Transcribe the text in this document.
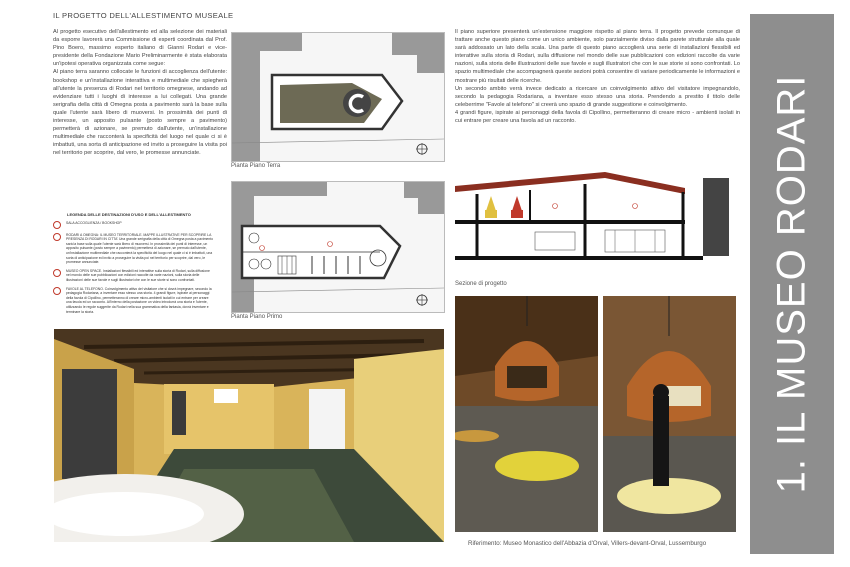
IL PROGETTO DELL'ALLESTIMENTO MUSEALE

Al progetto esecutivo dell'allestimento ed alla selezione dei materiali da esporre lavorerà una Commissione di esperti coordinata dal Prof. Pino Boero, massimo esperto italiano di Gianni Rodari e vice-presidente della Fondazione Mario Preliminarmente è stata elaborata un'ipotesi operativa organizzata come segue:

Al piano terra saranno collocate le funzioni di accoglienza dell'utente: bookshop e un'installazione interattiva e multimediale che spiegherà all'utente la presenza di Rodari nel territorio omegnese, andando ad evidenziare tutti i luoghi di interesse a lui collegati. Una grande serigrafia della città di Omegna posta a pavimento sarà la base sulla quale l'utente sarà libero di muoversi. In prossimità dei punti di interesse, un apposito pulsante (posto sempre a pavimento) permetterà di azionare, se premuto dall'utente, un'installazione multimediale che racconterà la specificità del luogo nel quale ci si è imbattuti, una sorta di anticipazione ed invito a proseguire la visita poi nel territorio per scoprire, dal vero, le promesse annunciate.

Il piano superiore presenterà un'estensione maggiore rispetto al piano terra. Il progetto prevede comunque di trattare anche questo piano come un unico ambiente, solo parzialmente diviso dalla parete strutturale alla quale sarà addossato un lato della scala. Una parte di questo piano accoglierà una serie di installazioni flessibili ed interattive sulla storia di Rodari, sulla diffusione nel mondo delle sue pubblicazioni con edizioni raccolte da varie nazioni, sulla storia delle illustrazioni delle sue favole e sugli illustratori che con le sue storie si sono confrontati. Lo spazio multimediale che accompagnerà queste sezioni potrà consentire di variare periodicamente le informazioni e mostrare più risultati delle ricerche.

Un secondo ambito verrà invece dedicato a ricercare un coinvolgimento attivo del visitatore impegnandolo, secondo la pedagogia Rodariana, a inventare esso stesso una storia. Prendendo a prestito il titolo delle celeberrime "Favole al telefono" si creerà uno spazio di grande suggestione e coinvolgimento.

4 grandi figure, ispirate ai personaggi della favola di Cipollino, permetteranno di creare micro - ambienti isolati in cui entrare per creare una favola ad un racconto.

Pianta Piano Terra
Pianta Piano Primo
LEGENDA DELLE DESTINAZIONI D'USO E DELL'ALLESTIMENTO
SALA ACCOGLIENZA / BOOKSHOP
RODARI A OMEGNA: IL MUSEO TERRITORIALE. MAPPE ILLUSTRATIVE PER SCOPRIRE LA PRESENZA DI RODARI IN CITTA' Una grande serigrafia della città di Omegna posta a pavimento sarà la base sulla quale l'utente sarà libero di muoversi. In prossimità dei punti di interesse, un apposito pulsante (posto sempre a pavimento) permetterà di azionare, se premuto dall'utente, un'installazione multimediale che racconterà la specificità del luogo nel quale ci si è imbattuti, una sorta di anticipazione ed invito a proseguire la visita poi nel territorio per scoprire, dal vero, le promesse annunciate.
MUSEO OPEN SPACE. Installazioni flessibili ed interattive sulla storia di Rodari, sulla diffusione nel mondo delle sue pubblicazioni con edizioni raccolte da varie nazioni, sulla storia delle illustrazioni delle sue favole e sugli illustratori che con le sue storie si sono confrontati.
FAVOLE AL TELEFONO. Coinvolgimento attivo del visitatore che si dovrà impegnare, secondo la pedagogia Rodariana, a inventare esso stesso una storia. 4 grandi figure, ispirate ai personaggi della favola di Cipollino, permetteranno di creare micro-ambienti isolati in cui entrare per creare una favola ed un racconto. All'interno della postazione un video introdurrà una storia e l'utente, utilizzando le regole suggerite da Rodari nella sua grammatica della fantasia, dovrà inventare e terminare la storia.
Sezione di progetto
Riferimento: Museo Monastico dell'Abbazia d'Orval, Villers-devant-Orval, Lussemburgo
1. IL MUSEO RODARI
